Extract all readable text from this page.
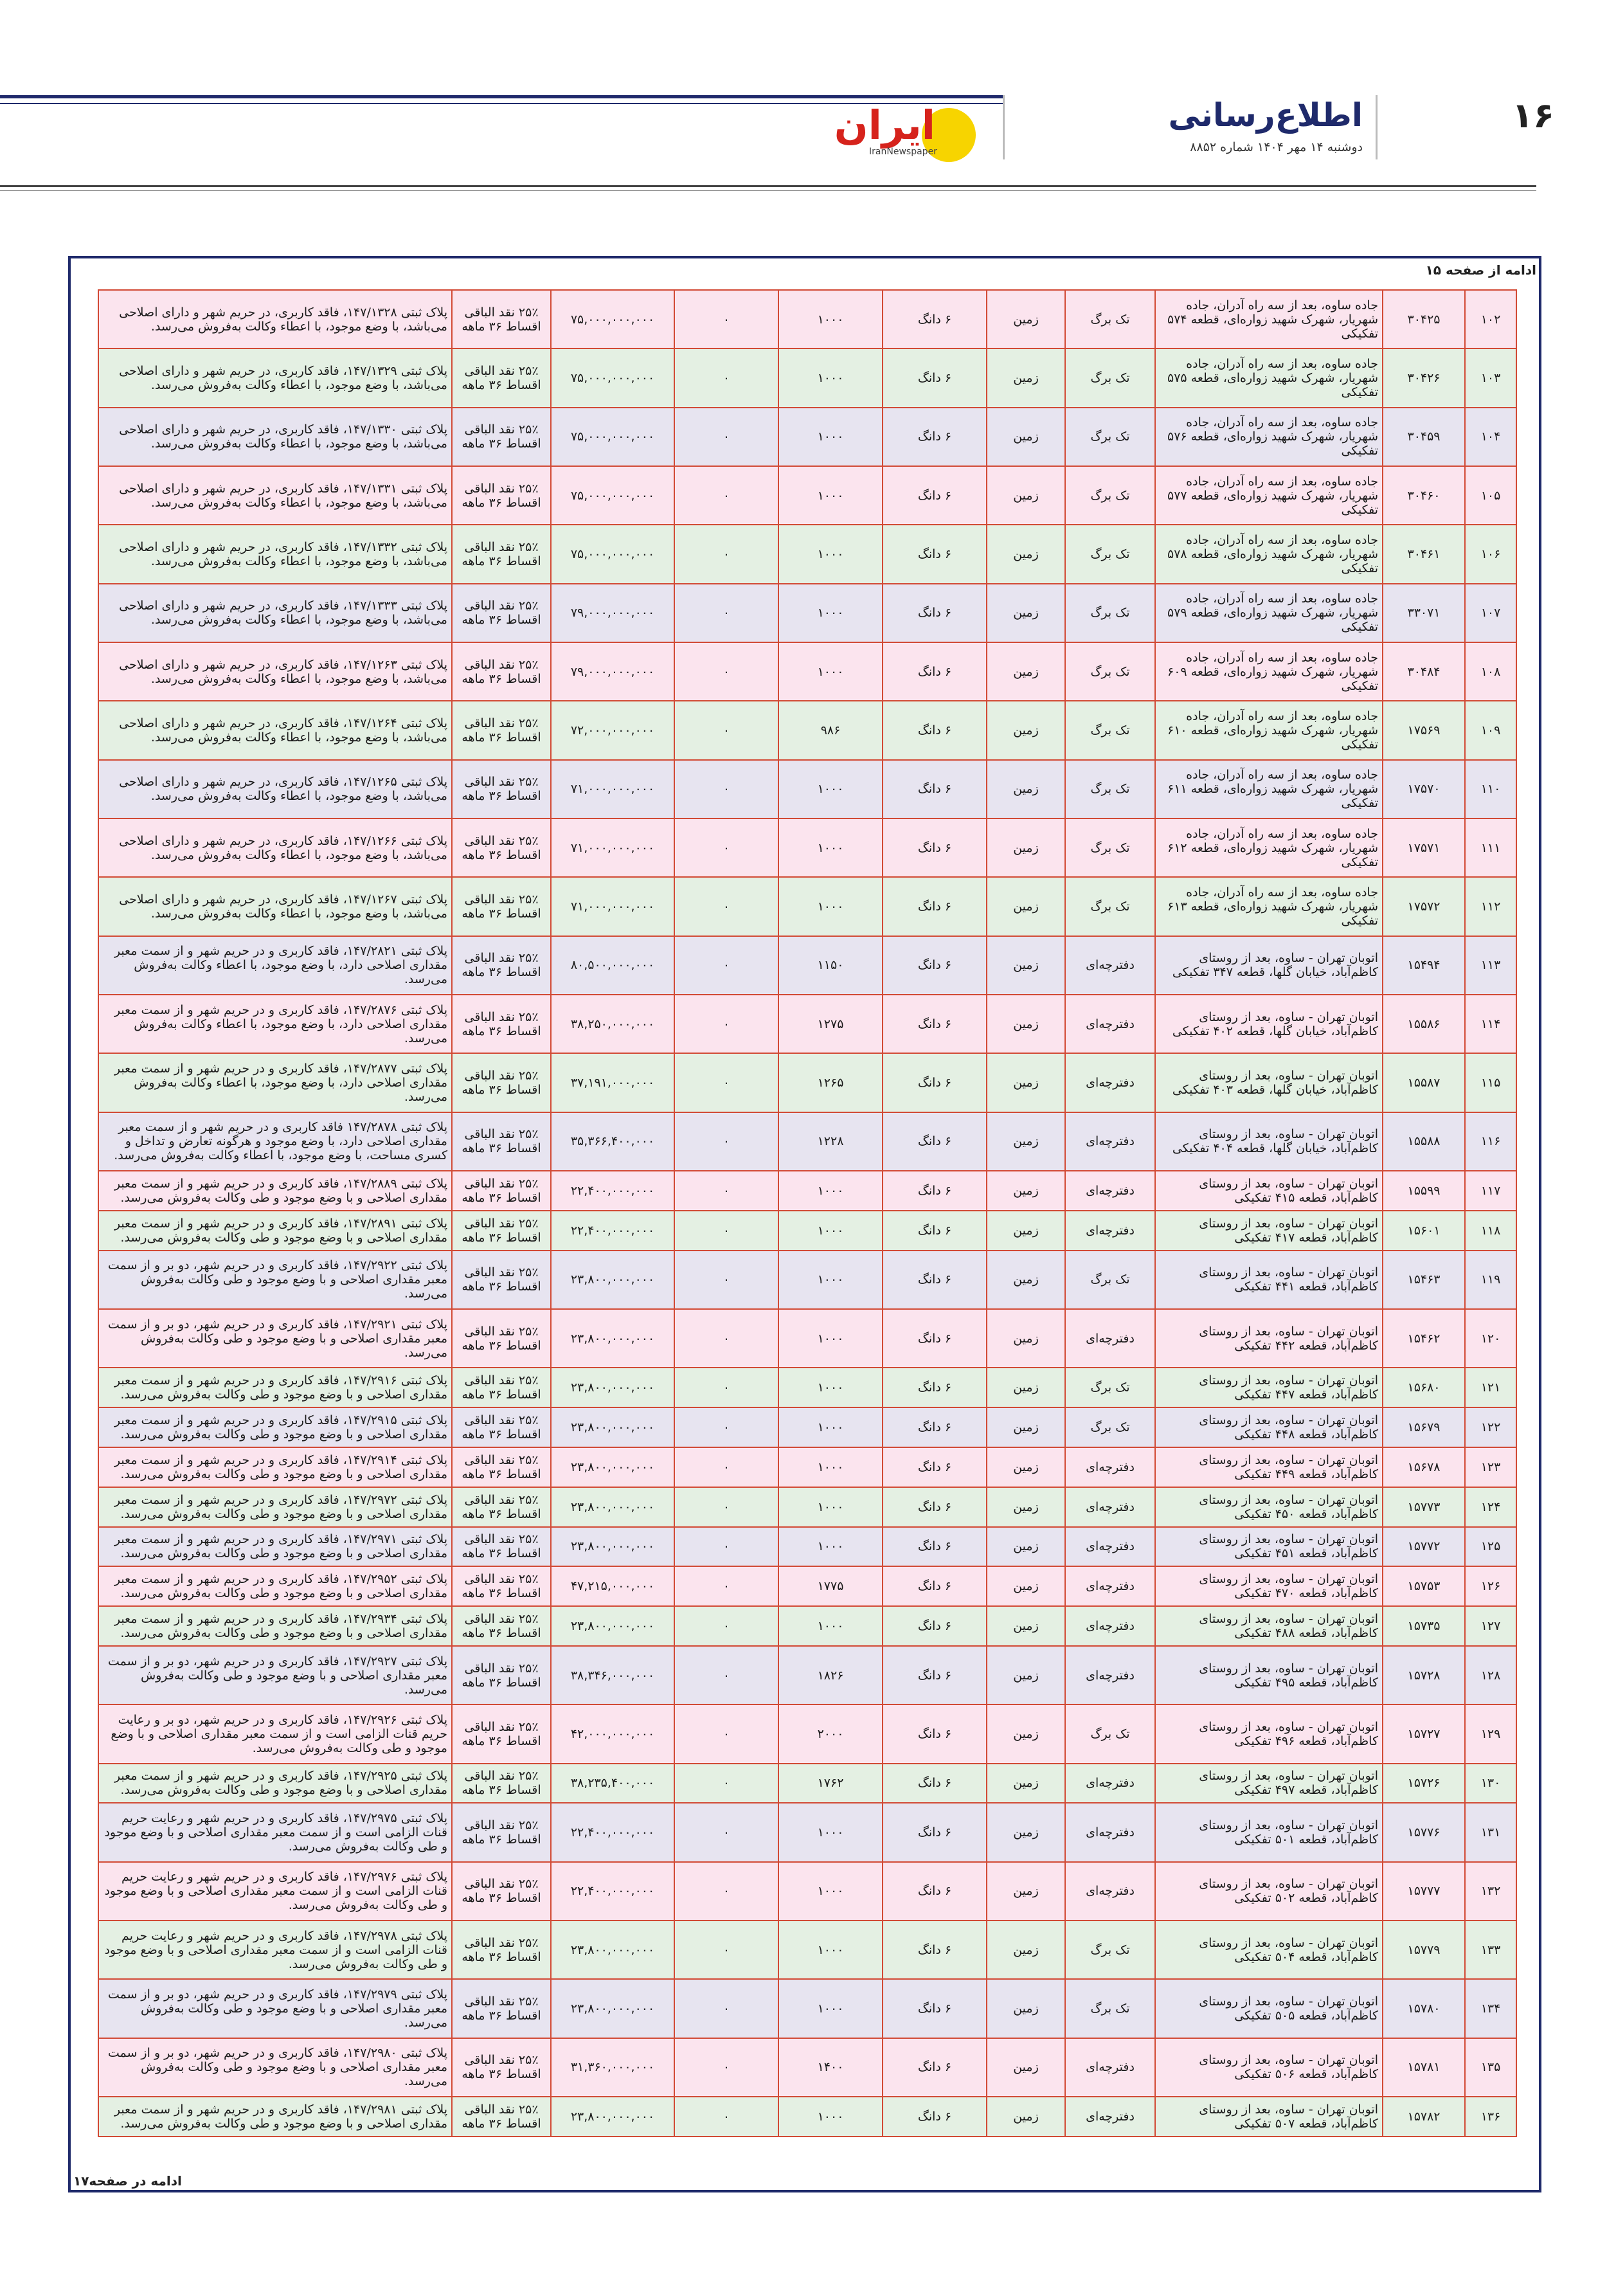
۱۶
اطلاع‌رسانی
دوشنبه ۱۴ مهر ۱۴۰۴ شماره ۸۸۵۲
ایران
IranNewspaper
ادامه از صفحه ۱۵
۱۰۲	۳۰۴۲۵	جاده ساوه، بعد از سه راه آدران، جاده شهریار، شهرک شهید زواره‌ای، قطعه ۵۷۴ تفکیکی	تک برگ	زمین	۶ دانگ	۱۰۰۰	۰	۷۵,۰۰۰,۰۰۰,۰۰۰	۲۵٪ نقد الباقی اقساط ۳۶ ماهه	پلاک ثبتی ۱۴۷/۱۳۲۸، فاقد کاربری، در حریم شهر و دارای اصلاحی می‌باشد، با وضع موجود، با اعطاء وکالت به‌فروش می‌رسد.
۱۰۳	۳۰۴۲۶	جاده ساوه، بعد از سه راه آدران، جاده شهریار، شهرک شهید زواره‌ای، قطعه ۵۷۵ تفکیکی	تک برگ	زمین	۶ دانگ	۱۰۰۰	۰	۷۵,۰۰۰,۰۰۰,۰۰۰	۲۵٪ نقد الباقی اقساط ۳۶ ماهه	پلاک ثبتی ۱۴۷/۱۳۲۹، فاقد کاربری، در حریم شهر و دارای اصلاحی می‌باشد، با وضع موجود، با اعطاء وکالت به‌فروش می‌رسد.
۱۰۴	۳۰۴۵۹	جاده ساوه، بعد از سه راه آدران، جاده شهریار، شهرک شهید زواره‌ای، قطعه ۵۷۶ تفکیکی	تک برگ	زمین	۶ دانگ	۱۰۰۰	۰	۷۵,۰۰۰,۰۰۰,۰۰۰	۲۵٪ نقد الباقی اقساط ۳۶ ماهه	پلاک ثبتی ۱۴۷/۱۳۳۰، فاقد کاربری، در حریم شهر و دارای اصلاحی می‌باشد، با وضع موجود، با اعطاء وکالت به‌فروش می‌رسد.
۱۰۵	۳۰۴۶۰	جاده ساوه، بعد از سه راه آدران، جاده شهریار، شهرک شهید زواره‌ای، قطعه ۵۷۷ تفکیکی	تک برگ	زمین	۶ دانگ	۱۰۰۰	۰	۷۵,۰۰۰,۰۰۰,۰۰۰	۲۵٪ نقد الباقی اقساط ۳۶ ماهه	پلاک ثبتی ۱۴۷/۱۳۳۱، فاقد کاربری، در حریم شهر و دارای اصلاحی می‌باشد، با وضع موجود، با اعطاء وکالت به‌فروش می‌رسد.
۱۰۶	۳۰۴۶۱	جاده ساوه، بعد از سه راه آدران، جاده شهریار، شهرک شهید زواره‌ای، قطعه ۵۷۸ تفکیکی	تک برگ	زمین	۶ دانگ	۱۰۰۰	۰	۷۵,۰۰۰,۰۰۰,۰۰۰	۲۵٪ نقد الباقی اقساط ۳۶ ماهه	پلاک ثبتی ۱۴۷/۱۳۳۲، فاقد کاربری، در حریم شهر و دارای اصلاحی می‌باشد، با وضع موجود، با اعطاء وکالت به‌فروش می‌رسد.
۱۰۷	۳۳۰۷۱	جاده ساوه، بعد از سه راه آدران، جاده شهریار، شهرک شهید زواره‌ای، قطعه ۵۷۹ تفکیکی	تک برگ	زمین	۶ دانگ	۱۰۰۰	۰	۷۹,۰۰۰,۰۰۰,۰۰۰	۲۵٪ نقد الباقی اقساط ۳۶ ماهه	پلاک ثبتی ۱۴۷/۱۳۳۳، فاقد کاربری، در حریم شهر و دارای اصلاحی می‌باشد، با وضع موجود، با اعطاء وکالت به‌فروش می‌رسد.
۱۰۸	۳۰۴۸۴	جاده ساوه، بعد از سه راه آدران، جاده شهریار، شهرک شهید زواره‌ای، قطعه ۶۰۹ تفکیکی	تک برگ	زمین	۶ دانگ	۱۰۰۰	۰	۷۹,۰۰۰,۰۰۰,۰۰۰	۲۵٪ نقد الباقی اقساط ۳۶ ماهه	پلاک ثبتی ۱۴۷/۱۲۶۳، فاقد کاربری، در حریم شهر و دارای اصلاحی می‌باشد، با وضع موجود، با اعطاء وکالت به‌فروش می‌رسد.
۱۰۹	۱۷۵۶۹	جاده ساوه، بعد از سه راه آدران، جاده شهریار، شهرک شهید زواره‌ای، قطعه ۶۱۰ تفکیکی	تک برگ	زمین	۶ دانگ	۹۸۶	۰	۷۲,۰۰۰,۰۰۰,۰۰۰	۲۵٪ نقد الباقی اقساط ۳۶ ماهه	پلاک ثبتی ۱۴۷/۱۲۶۴، فاقد کاربری، در حریم شهر و دارای اصلاحی می‌باشد، با وضع موجود، با اعطاء وکالت به‌فروش می‌رسد.
۱۱۰	۱۷۵۷۰	جاده ساوه، بعد از سه راه آدران، جاده شهریار، شهرک شهید زواره‌ای، قطعه ۶۱۱ تفکیکی	تک برگ	زمین	۶ دانگ	۱۰۰۰	۰	۷۱,۰۰۰,۰۰۰,۰۰۰	۲۵٪ نقد الباقی اقساط ۳۶ ماهه	پلاک ثبتی ۱۴۷/۱۲۶۵، فاقد کاربری، در حریم شهر و دارای اصلاحی می‌باشد، با وضع موجود، با اعطاء وکالت به‌فروش می‌رسد.
۱۱۱	۱۷۵۷۱	جاده ساوه، بعد از سه راه آدران، جاده شهریار، شهرک شهید زواره‌ای، قطعه ۶۱۲ تفکیکی	تک برگ	زمین	۶ دانگ	۱۰۰۰	۰	۷۱,۰۰۰,۰۰۰,۰۰۰	۲۵٪ نقد الباقی اقساط ۳۶ ماهه	پلاک ثبتی ۱۴۷/۱۲۶۶، فاقد کاربری، در حریم شهر و دارای اصلاحی می‌باشد، با وضع موجود، با اعطاء وکالت به‌فروش می‌رسد.
۱۱۲	۱۷۵۷۲	جاده ساوه، بعد از سه راه آدران، جاده شهریار، شهرک شهید زواره‌ای، قطعه ۶۱۳ تفکیکی	تک برگ	زمین	۶ دانگ	۱۰۰۰	۰	۷۱,۰۰۰,۰۰۰,۰۰۰	۲۵٪ نقد الباقی اقساط ۳۶ ماهه	پلاک ثبتی ۱۴۷/۱۲۶۷، فاقد کاربری، در حریم شهر و دارای اصلاحی می‌باشد، با وضع موجود، با اعطاء وکالت به‌فروش می‌رسد.
۱۱۳	۱۵۴۹۴	اتوبان تهران - ساوه، بعد از روستای کاظم‌آباد، خیابان گلها، قطعه ۳۴۷ تفکیکی	دفترچه‌ای	زمین	۶ دانگ	۱۱۵۰	۰	۸۰,۵۰۰,۰۰۰,۰۰۰	۲۵٪ نقد الباقی اقساط ۳۶ ماهه	پلاک ثبتی ۱۴۷/۲۸۲۱، فاقد کاربری و در حریم شهر و از سمت معبر مقداری اصلاحی دارد، با وضع موجود، با اعطاء وکالت به‌فروش می‌رسد.
۱۱۴	۱۵۵۸۶	اتوبان تهران - ساوه، بعد از روستای کاظم‌آباد، خیابان گلها، قطعه ۴۰۲ تفکیکی	دفترچه‌ای	زمین	۶ دانگ	۱۲۷۵	۰	۳۸,۲۵۰,۰۰۰,۰۰۰	۲۵٪ نقد الباقی اقساط ۳۶ ماهه	پلاک ثبتی ۱۴۷/۲۸۷۶، فاقد کاربری و در حریم شهر و از سمت معبر مقداری اصلاحی دارد، با وضع موجود، با اعطاء وکالت به‌فروش می‌رسد.
۱۱۵	۱۵۵۸۷	اتوبان تهران - ساوه، بعد از روستای کاظم‌آباد، خیابان گلها، قطعه ۴۰۳ تفکیکی	دفترچه‌ای	زمین	۶ دانگ	۱۲۶۵	۰	۳۷,۱۹۱,۰۰۰,۰۰۰	۲۵٪ نقد الباقی اقساط ۳۶ ماهه	پلاک ثبتی ۱۴۷/۲۸۷۷، فاقد کاربری و در حریم شهر و از سمت معبر مقداری اصلاحی دارد، با وضع موجود، با اعطاء وکالت به‌فروش می‌رسد.
۱۱۶	۱۵۵۸۸	اتوبان تهران - ساوه، بعد از روستای کاظم‌آباد، خیابان گلها، قطعه ۴۰۴ تفکیکی	دفترچه‌ای	زمین	۶ دانگ	۱۲۲۸	۰	۳۵,۳۶۶,۴۰۰,۰۰۰	۲۵٪ نقد الباقی اقساط ۳۶ ماهه	پلاک ثبتی ۱۴۷/۲۸۷۸ فاقد کاربری و در حریم شهر و از سمت معبر مقداری اصلاحی دارد، با وضع موجود و هرگونه تعارض و تداخل و کسری مساحت، با وضع موجود، با اعطاء وکالت به‌فروش می‌رسد.
۱۱۷	۱۵۵۹۹	اتوبان تهران - ساوه، بعد از روستای کاظم‌آباد، قطعه ۴۱۵ تفکیکی	دفترچه‌ای	زمین	۶ دانگ	۱۰۰۰	۰	۲۲,۴۰۰,۰۰۰,۰۰۰	۲۵٪ نقد الباقی اقساط ۳۶ ماهه	پلاک ثبتی ۱۴۷/۲۸۸۹، فاقد کاربری و در حریم شهر و از سمت معبر مقداری اصلاحی و با وضع موجود و طی وکالت به‌فروش می‌رسد.
۱۱۸	۱۵۶۰۱	اتوبان تهران - ساوه، بعد از روستای کاظم‌آباد، قطعه ۴۱۷ تفکیکی	دفترچه‌ای	زمین	۶ دانگ	۱۰۰۰	۰	۲۲,۴۰۰,۰۰۰,۰۰۰	۲۵٪ نقد الباقی اقساط ۳۶ ماهه	پلاک ثبتی ۱۴۷/۲۸۹۱، فاقد کاربری و در حریم شهر و از سمت معبر مقداری اصلاحی و با وضع موجود و طی وکالت به‌فروش می‌رسد.
۱۱۹	۱۵۴۶۳	اتوبان تهران - ساوه، بعد از روستای کاظم‌آباد، قطعه ۴۴۱ تفکیکی	تک برگ	زمین	۶ دانگ	۱۰۰۰	۰	۲۳,۸۰۰,۰۰۰,۰۰۰	۲۵٪ نقد الباقی اقساط ۳۶ ماهه	پلاک ثبتی ۱۴۷/۲۹۲۲، فاقد کاربری و در حریم شهر، دو بر و از سمت معبر مقداری اصلاحی و با وضع موجود و طی وکالت به‌فروش می‌رسد.
۱۲۰	۱۵۴۶۲	اتوبان تهران - ساوه، بعد از روستای کاظم‌آباد، قطعه ۴۴۲ تفکیکی	دفترچه‌ای	زمین	۶ دانگ	۱۰۰۰	۰	۲۳,۸۰۰,۰۰۰,۰۰۰	۲۵٪ نقد الباقی اقساط ۳۶ ماهه	پلاک ثبتی ۱۴۷/۲۹۲۱، فاقد کاربری و در حریم شهر، دو بر و از سمت معبر مقداری اصلاحی و با وضع موجود و طی وکالت به‌فروش می‌رسد.
۱۲۱	۱۵۶۸۰	اتوبان تهران - ساوه، بعد از روستای کاظم‌آباد، قطعه ۴۴۷ تفکیکی	تک برگ	زمین	۶ دانگ	۱۰۰۰	۰	۲۳,۸۰۰,۰۰۰,۰۰۰	۲۵٪ نقد الباقی اقساط ۳۶ ماهه	پلاک ثبتی ۱۴۷/۲۹۱۶، فاقد کاربری و در حریم شهر و از سمت معبر مقداری اصلاحی و با وضع موجود و طی وکالت به‌فروش می‌رسد.
۱۲۲	۱۵۶۷۹	اتوبان تهران - ساوه، بعد از روستای کاظم‌آباد، قطعه ۴۴۸ تفکیکی	تک برگ	زمین	۶ دانگ	۱۰۰۰	۰	۲۳,۸۰۰,۰۰۰,۰۰۰	۲۵٪ نقد الباقی اقساط ۳۶ ماهه	پلاک ثبتی ۱۴۷/۲۹۱۵، فاقد کاربری و در حریم شهر و از سمت معبر مقداری اصلاحی و با وضع موجود و طی وکالت به‌فروش می‌رسد.
۱۲۳	۱۵۶۷۸	اتوبان تهران - ساوه، بعد از روستای کاظم‌آباد، قطعه ۴۴۹ تفکیکی	دفترچه‌ای	زمین	۶ دانگ	۱۰۰۰	۰	۲۳,۸۰۰,۰۰۰,۰۰۰	۲۵٪ نقد الباقی اقساط ۳۶ ماهه	پلاک ثبتی ۱۴۷/۲۹۱۴، فاقد کاربری و در حریم شهر و از سمت معبر مقداری اصلاحی و با وضع موجود و طی وکالت به‌فروش می‌رسد.
۱۲۴	۱۵۷۷۳	اتوبان تهران - ساوه، بعد از روستای کاظم‌آباد، قطعه ۴۵۰ تفکیکی	دفترچه‌ای	زمین	۶ دانگ	۱۰۰۰	۰	۲۳,۸۰۰,۰۰۰,۰۰۰	۲۵٪ نقد الباقی اقساط ۳۶ ماهه	پلاک ثبتی ۱۴۷/۲۹۷۲، فاقد کاربری و در حریم شهر و از سمت معبر مقداری اصلاحی و با وضع موجود و طی وکالت به‌فروش می‌رسد.
۱۲۵	۱۵۷۷۲	اتوبان تهران - ساوه، بعد از روستای کاظم‌آباد، قطعه ۴۵۱ تفکیکی	دفترچه‌ای	زمین	۶ دانگ	۱۰۰۰	۰	۲۳,۸۰۰,۰۰۰,۰۰۰	۲۵٪ نقد الباقی اقساط ۳۶ ماهه	پلاک ثبتی ۱۴۷/۲۹۷۱، فاقد کاربری و در حریم شهر و از سمت معبر مقداری اصلاحی و با وضع موجود و طی وکالت به‌فروش می‌رسد.
۱۲۶	۱۵۷۵۳	اتوبان تهران - ساوه، بعد از روستای کاظم‌آباد، قطعه ۴۷۰ تفکیکی	دفترچه‌ای	زمین	۶ دانگ	۱۷۷۵	۰	۴۷,۲۱۵,۰۰۰,۰۰۰	۲۵٪ نقد الباقی اقساط ۳۶ ماهه	پلاک ثبتی ۱۴۷/۲۹۵۲، فاقد کاربری و در حریم شهر و از سمت معبر مقداری اصلاحی و با وضع موجود و طی وکالت به‌فروش می‌رسد.
۱۲۷	۱۵۷۳۵	اتوبان تهران - ساوه، بعد از روستای کاظم‌آباد، قطعه ۴۸۸ تفکیکی	دفترچه‌ای	زمین	۶ دانگ	۱۰۰۰	۰	۲۳,۸۰۰,۰۰۰,۰۰۰	۲۵٪ نقد الباقی اقساط ۳۶ ماهه	پلاک ثبتی ۱۴۷/۲۹۳۴، فاقد کاربری و در حریم شهر و از سمت معبر مقداری اصلاحی و با وضع موجود و طی وکالت به‌فروش می‌رسد.
۱۲۸	۱۵۷۲۸	اتوبان تهران - ساوه، بعد از روستای کاظم‌آباد، قطعه ۴۹۵ تفکیکی	دفترچه‌ای	زمین	۶ دانگ	۱۸۲۶	۰	۳۸,۳۴۶,۰۰۰,۰۰۰	۲۵٪ نقد الباقی اقساط ۳۶ ماهه	پلاک ثبتی ۱۴۷/۲۹۲۷، فاقد کاربری و در حریم شهر، دو بر و از سمت معبر مقداری اصلاحی و با وضع موجود و طی وکالت به‌فروش می‌رسد.
۱۲۹	۱۵۷۲۷	اتوبان تهران - ساوه، بعد از روستای کاظم‌آباد، قطعه ۴۹۶ تفکیکی	تک برگ	زمین	۶ دانگ	۲۰۰۰	۰	۴۲,۰۰۰,۰۰۰,۰۰۰	۲۵٪ نقد الباقی اقساط ۳۶ ماهه	پلاک ثبتی ۱۴۷/۲۹۲۶، فاقد کاربری و در حریم شهر، دو بر و رعایت حریم قنات الزامی است و از سمت معبر مقداری اصلاحی و با وضع موجود و طی وکالت به‌فروش می‌رسد.
۱۳۰	۱۵۷۲۶	اتوبان تهران - ساوه، بعد از روستای کاظم‌آباد، قطعه ۴۹۷ تفکیکی	دفترچه‌ای	زمین	۶ دانگ	۱۷۶۲	۰	۳۸,۲۳۵,۴۰۰,۰۰۰	۲۵٪ نقد الباقی اقساط ۳۶ ماهه	پلاک ثبتی ۱۴۷/۲۹۲۵، فاقد کاربری و در حریم شهر و از سمت معبر مقداری اصلاحی و با وضع موجود و طی وکالت به‌فروش می‌رسد.
۱۳۱	۱۵۷۷۶	اتوبان تهران - ساوه، بعد از روستای کاظم‌آباد، قطعه ۵۰۱ تفکیکی	دفترچه‌ای	زمین	۶ دانگ	۱۰۰۰	۰	۲۲,۴۰۰,۰۰۰,۰۰۰	۲۵٪ نقد الباقی اقساط ۳۶ ماهه	پلاک ثبتی ۱۴۷/۲۹۷۵، فاقد کاربری و در حریم شهر و رعایت حریم قنات الزامی است و از سمت معبر مقداری اصلاحی و با وضع موجود و طی وکالت به‌فروش می‌رسد.
۱۳۲	۱۵۷۷۷	اتوبان تهران - ساوه، بعد از روستای کاظم‌آباد، قطعه ۵۰۲ تفکیکی	دفترچه‌ای	زمین	۶ دانگ	۱۰۰۰	۰	۲۲,۴۰۰,۰۰۰,۰۰۰	۲۵٪ نقد الباقی اقساط ۳۶ ماهه	پلاک ثبتی ۱۴۷/۲۹۷۶، فاقد کاربری و در حریم شهر و رعایت حریم قنات الزامی است و از سمت معبر مقداری اصلاحی و با وضع موجود و طی وکالت به‌فروش می‌رسد.
۱۳۳	۱۵۷۷۹	اتوبان تهران - ساوه، بعد از روستای کاظم‌آباد، قطعه ۵۰۴ تفکیکی	تک برگ	زمین	۶ دانگ	۱۰۰۰	۰	۲۳,۸۰۰,۰۰۰,۰۰۰	۲۵٪ نقد الباقی اقساط ۳۶ ماهه	پلاک ثبتی ۱۴۷/۲۹۷۸، فاقد کاربری و در حریم شهر و رعایت حریم قنات الزامی است و از سمت معبر مقداری اصلاحی و با وضع موجود و طی وکالت به‌فروش می‌رسد.
۱۳۴	۱۵۷۸۰	اتوبان تهران - ساوه، بعد از روستای کاظم‌آباد، قطعه ۵۰۵ تفکیکی	تک برگ	زمین	۶ دانگ	۱۰۰۰	۰	۲۳,۸۰۰,۰۰۰,۰۰۰	۲۵٪ نقد الباقی اقساط ۳۶ ماهه	پلاک ثبتی ۱۴۷/۲۹۷۹، فاقد کاربری و در حریم شهر، دو بر و از سمت معبر مقداری اصلاحی و با وضع موجود و طی وکالت به‌فروش می‌رسد.
۱۳۵	۱۵۷۸۱	اتوبان تهران - ساوه، بعد از روستای کاظم‌آباد، قطعه ۵۰۶ تفکیکی	دفترچه‌ای	زمین	۶ دانگ	۱۴۰۰	۰	۳۱,۳۶۰,۰۰۰,۰۰۰	۲۵٪ نقد الباقی اقساط ۳۶ ماهه	پلاک ثبتی ۱۴۷/۲۹۸۰، فاقد کاربری و در حریم شهر، دو بر و از سمت معبر مقداری اصلاحی و با وضع موجود و طی وکالت به‌فروش می‌رسد.
۱۳۶	۱۵۷۸۲	اتوبان تهران - ساوه، بعد از روستای کاظم‌آباد، قطعه ۵۰۷ تفکیکی	دفترچه‌ای	زمین	۶ دانگ	۱۰۰۰	۰	۲۳,۸۰۰,۰۰۰,۰۰۰	۲۵٪ نقد الباقی اقساط ۳۶ ماهه	پلاک ثبتی ۱۴۷/۲۹۸۱، فاقد کاربری و در حریم شهر و از سمت معبر مقداری اصلاحی و با وضع موجود و طی وکالت به‌فروش می‌رسد.
ادامه در صفحه۱۷
